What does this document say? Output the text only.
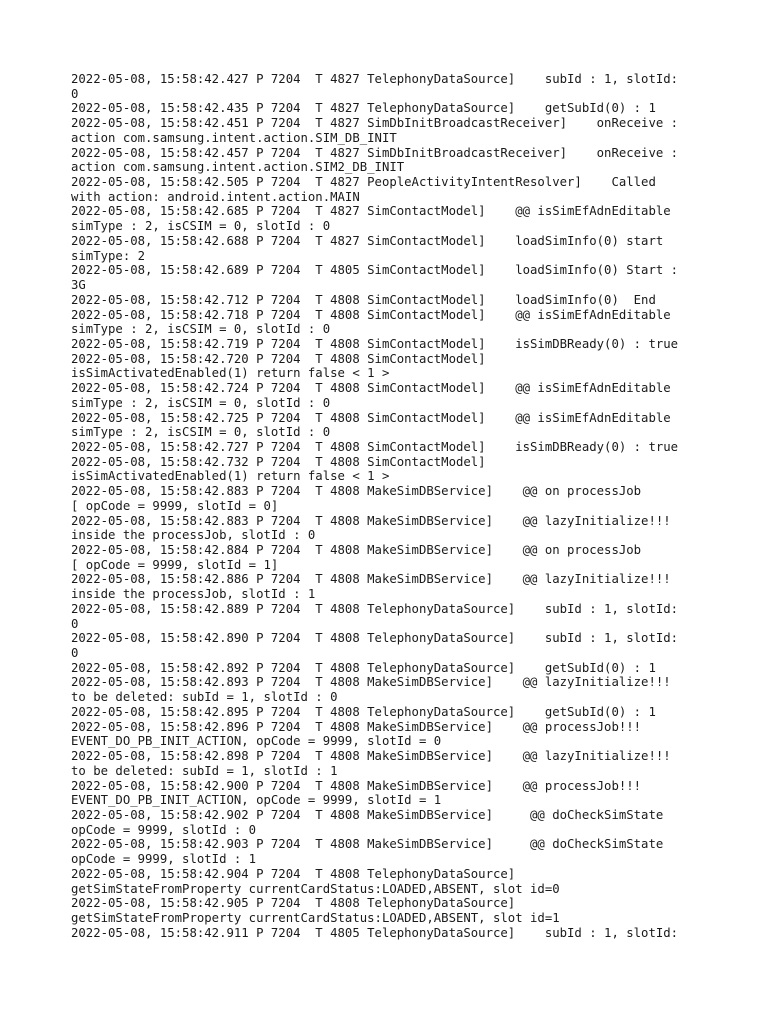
2022-05-08, 15:58:42.427 P 7204  T 4827 TelephonyDataSource]    subId : 1, slotId:
0
2022-05-08, 15:58:42.435 P 7204  T 4827 TelephonyDataSource]    getSubId(0) : 1
2022-05-08, 15:58:42.451 P 7204  T 4827 SimDbInitBroadcastReceiver]    onReceive :
action com.samsung.intent.action.SIM_DB_INIT
2022-05-08, 15:58:42.457 P 7204  T 4827 SimDbInitBroadcastReceiver]    onReceive :
action com.samsung.intent.action.SIM2_DB_INIT
2022-05-08, 15:58:42.505 P 7204  T 4827 PeopleActivityIntentResolver]    Called
with action: android.intent.action.MAIN
2022-05-08, 15:58:42.685 P 7204  T 4827 SimContactModel]    @@ isSimEfAdnEditable
simType : 2, isCSIM = 0, slotId : 0
2022-05-08, 15:58:42.688 P 7204  T 4827 SimContactModel]    loadSimInfo(0) start
simType: 2
2022-05-08, 15:58:42.689 P 7204  T 4805 SimContactModel]    loadSimInfo(0) Start :
3G
2022-05-08, 15:58:42.712 P 7204  T 4808 SimContactModel]    loadSimInfo(0)  End
2022-05-08, 15:58:42.718 P 7204  T 4808 SimContactModel]    @@ isSimEfAdnEditable
simType : 2, isCSIM = 0, slotId : 0
2022-05-08, 15:58:42.719 P 7204  T 4808 SimContactModel]    isSimDBReady(0) : true
2022-05-08, 15:58:42.720 P 7204  T 4808 SimContactModel]
isSimActivatedEnabled(1) return false < 1 >
2022-05-08, 15:58:42.724 P 7204  T 4808 SimContactModel]    @@ isSimEfAdnEditable
simType : 2, isCSIM = 0, slotId : 0
2022-05-08, 15:58:42.725 P 7204  T 4808 SimContactModel]    @@ isSimEfAdnEditable
simType : 2, isCSIM = 0, slotId : 0
2022-05-08, 15:58:42.727 P 7204  T 4808 SimContactModel]    isSimDBReady(0) : true
2022-05-08, 15:58:42.732 P 7204  T 4808 SimContactModel]
isSimActivatedEnabled(1) return false < 1 >
2022-05-08, 15:58:42.883 P 7204  T 4808 MakeSimDBService]    @@ on processJob
[ opCode = 9999, slotId = 0]
2022-05-08, 15:58:42.883 P 7204  T 4808 MakeSimDBService]    @@ lazyInitialize!!!
inside the processJob, slotId : 0
2022-05-08, 15:58:42.884 P 7204  T 4808 MakeSimDBService]    @@ on processJob
[ opCode = 9999, slotId = 1]
2022-05-08, 15:58:42.886 P 7204  T 4808 MakeSimDBService]    @@ lazyInitialize!!!
inside the processJob, slotId : 1
2022-05-08, 15:58:42.889 P 7204  T 4808 TelephonyDataSource]    subId : 1, slotId:
0
2022-05-08, 15:58:42.890 P 7204  T 4808 TelephonyDataSource]    subId : 1, slotId:
0
2022-05-08, 15:58:42.892 P 7204  T 4808 TelephonyDataSource]    getSubId(0) : 1
2022-05-08, 15:58:42.893 P 7204  T 4808 MakeSimDBService]    @@ lazyInitialize!!!
to be deleted: subId = 1, slotId : 0
2022-05-08, 15:58:42.895 P 7204  T 4808 TelephonyDataSource]    getSubId(0) : 1
2022-05-08, 15:58:42.896 P 7204  T 4808 MakeSimDBService]    @@ processJob!!!
EVENT_DO_PB_INIT_ACTION, opCode = 9999, slotId = 0
2022-05-08, 15:58:42.898 P 7204  T 4808 MakeSimDBService]    @@ lazyInitialize!!!
to be deleted: subId = 1, slotId : 1
2022-05-08, 15:58:42.900 P 7204  T 4808 MakeSimDBService]    @@ processJob!!!
EVENT_DO_PB_INIT_ACTION, opCode = 9999, slotId = 1
2022-05-08, 15:58:42.902 P 7204  T 4808 MakeSimDBService]     @@ doCheckSimState
opCode = 9999, slotId : 0
2022-05-08, 15:58:42.903 P 7204  T 4808 MakeSimDBService]     @@ doCheckSimState
opCode = 9999, slotId : 1
2022-05-08, 15:58:42.904 P 7204  T 4808 TelephonyDataSource]
getSimStateFromProperty currentCardStatus:LOADED,ABSENT, slot id=0
2022-05-08, 15:58:42.905 P 7204  T 4808 TelephonyDataSource]
getSimStateFromProperty currentCardStatus:LOADED,ABSENT, slot id=1
2022-05-08, 15:58:42.911 P 7204  T 4805 TelephonyDataSource]    subId : 1, slotId:
